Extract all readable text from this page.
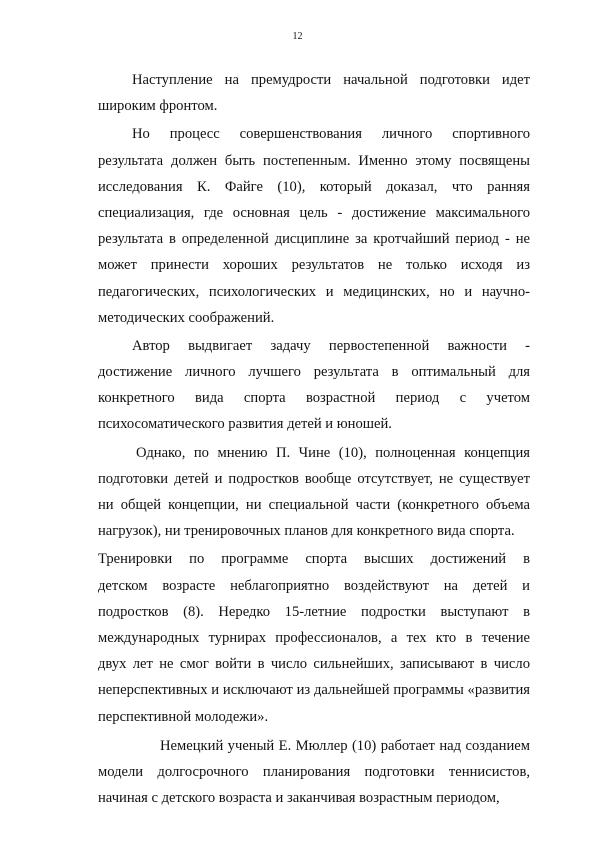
12
Наступление на премудрости начальной подготовки идет
широким фронтом.
Но процесс совершенствования личного спортивного
результата должен быть постепенным. Именно этому посвящены
исследования К. Файге (10), который доказал, что ранняя
специализация, где основная цель - достижение максимального
результата в определенной дисциплине за кротчайший период - не
может принести хороших результатов не только исходя из
педагогических, психологических и медицинских, но и научно-
методических соображений.
Автор выдвигает задачу первостепенной важности -
достижение личного лучшего результата в оптимальный для
конкретного вида спорта возрастной период с учетом
психосоматического развития детей и юношей.
Однако, по мнению П. Чине (10), полноценная концепция
подготовки детей и подростков вообще отсутствует, не существует
ни общей концепции, ни специальной части (конкретного объема
нагрузок), ни тренировочных планов для конкретного вида спорта.
Тренировки по программе спорта высших достижений в
детском возрасте неблагоприятно воздействуют на детей и
подростков (8). Нередко 15-летние подростки выступают в
международных турнирах профессионалов, а тех кто в течение
двух лет не смог войти в число сильнейших, записывают в число
неперспективных и исключают из дальнейшей программы «развития
перспективной молодежи».
Немецкий ученый Е. Мюллер (10) работает над созданием
модели долгосрочного планирования подготовки теннисистов,
начиная с детского возраста и заканчивая возрастным периодом,
